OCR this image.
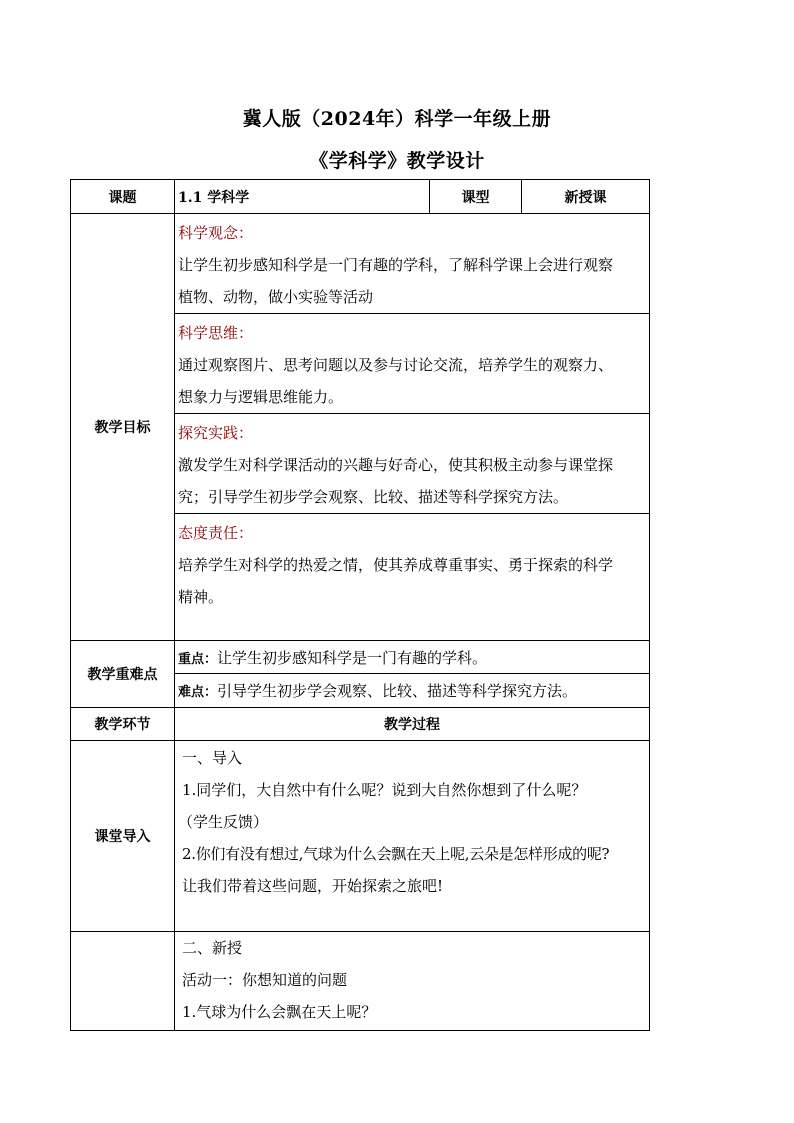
冀人版（2024年）科学一年级上册
《学科学》教学设计
课题	1.1 学科学	课型	新授课
教学目标	科学观念：
让学生初步感知科学是一门有趣的学科，了解科学课上会进行观察
植物、动物，做小实验等活动		

	科学思维：
通过观察图片、思考问题以及参与讨论交流，培养学生的观察力、
想象力与逻辑思维能力。		

	探究实践：
激发学生对科学课活动的兴趣与好奇心，使其积极主动参与课堂探
究；引导学生初步学会观察、比较、描述等科学探究方法。		

	态度责任：
培养学生对科学的热爱之情，使其养成尊重事实、勇于探索的科学
精神。		

教学重难点	重点：让学生初步感知科学是一门有趣的学科。		
	难点：引导学生初步学会观察、比较、描述等科学探究方法。		
教学环节	教学过程		
课堂导入	一、导入
1.同学们，大自然中有什么呢？说到大自然你想到了什么呢？
（学生反馈）
2.你们有没有想过,气球为什么会飘在天上呢,云朵是怎样形成的呢?
让我们带着这些问题，开始探索之旅吧!		

	二、新授
活动一：你想知道的问题
1.气球为什么会飘在天上呢？		
